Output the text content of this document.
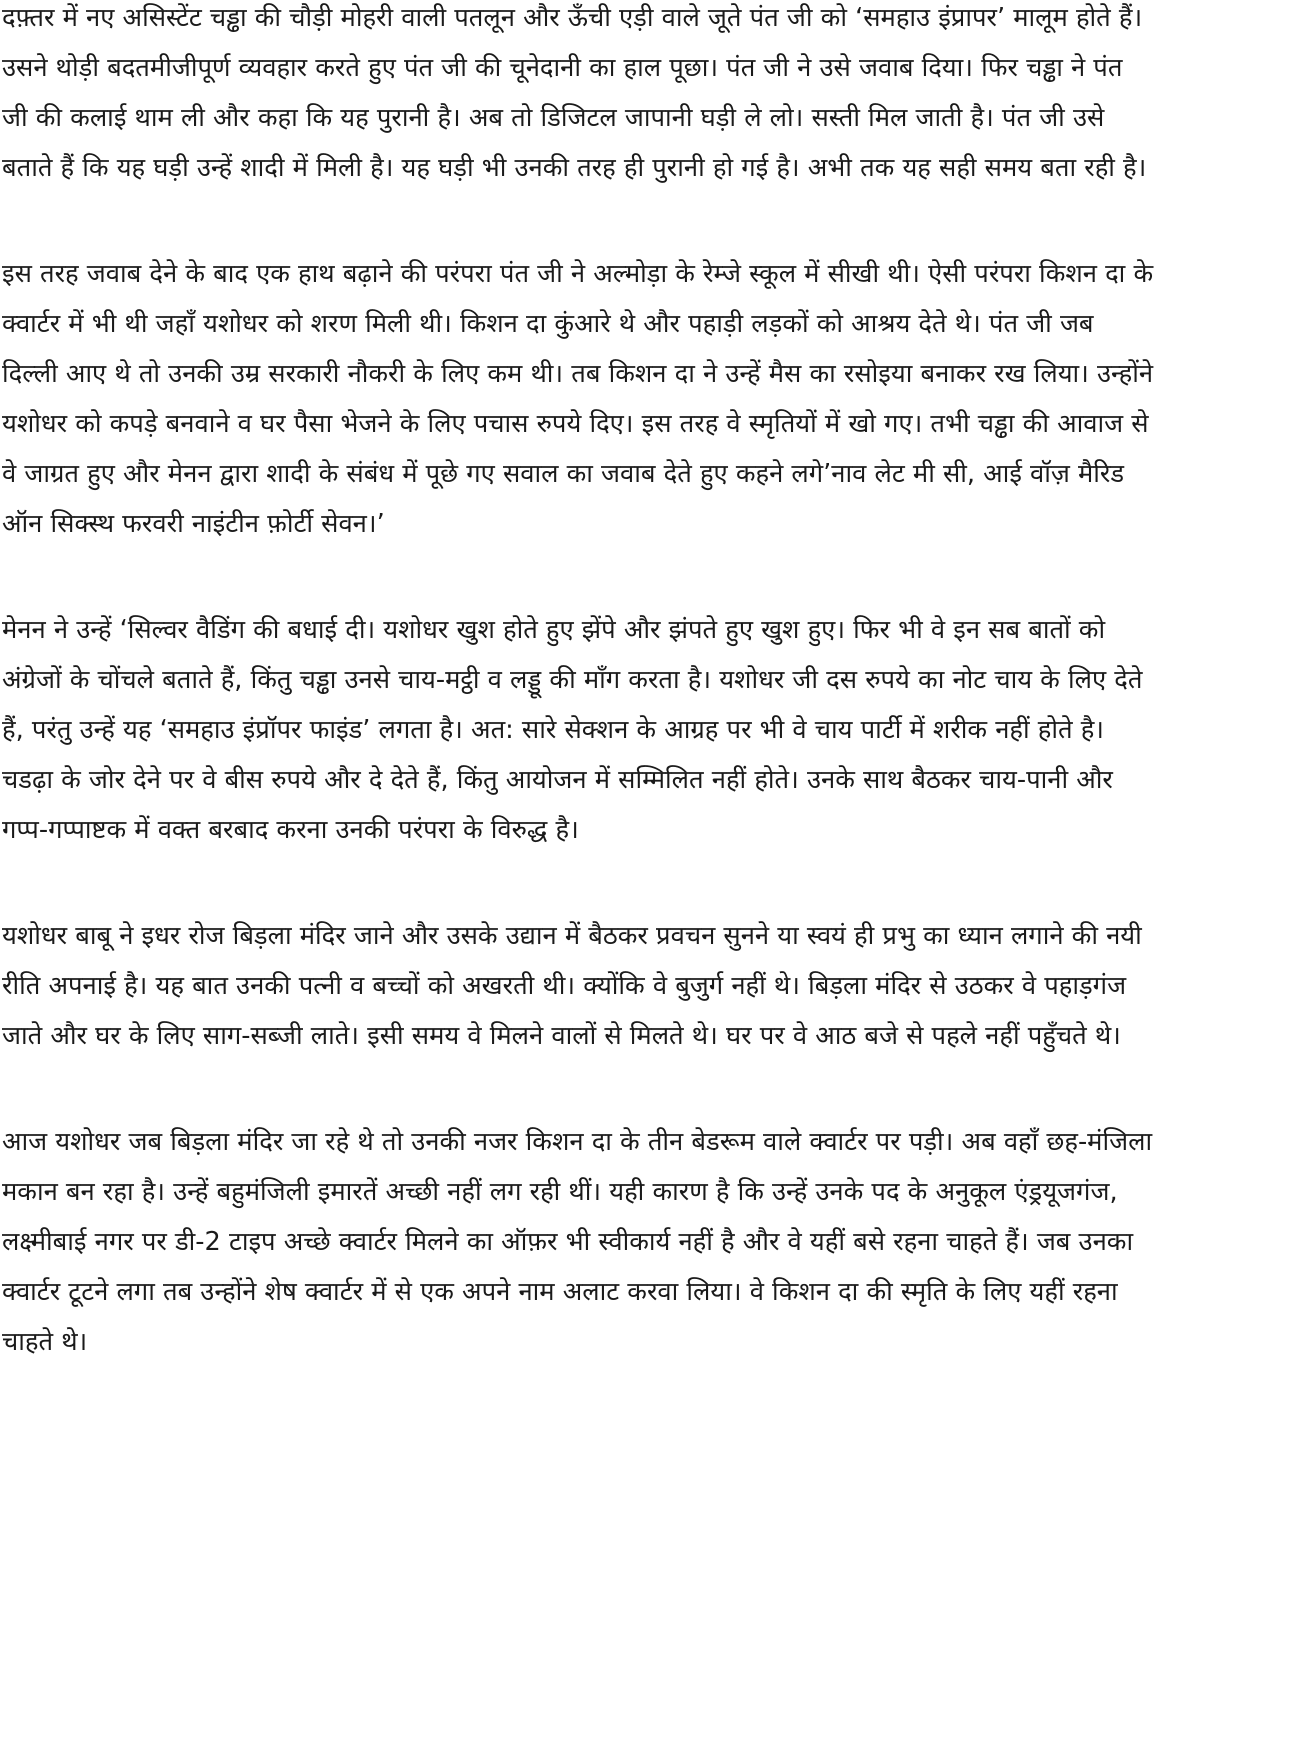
दफ़्तर में नए असिस्टेंट चड्ढा की चौड़ी मोहरी वाली पतलून और ऊँची एड़ी वाले जूते पंत जी को ‘समहाउ इंप्रापर’ मालूम होते हैं। उसने थोड़ी बदतमीजीपूर्ण व्यवहार करते हुए पंत जी की चूनेदानी का हाल पूछा। पंत जी ने उसे जवाब दिया। फिर चड्ढा ने पंत जी की कलाई थाम ली और कहा कि यह पुरानी है। अब तो डिजिटल जापानी घड़ी ले लो। सस्ती मिल जाती है। पंत जी उसे बताते हैं कि यह घड़ी उन्हें शादी में मिली है। यह घड़ी भी उनकी तरह ही पुरानी हो गई है। अभी तक यह सही समय बता रही है।

इस तरह जवाब देने के बाद एक हाथ बढ़ाने की परंपरा पंत जी ने अल्मोड़ा के रेम्जे स्कूल में सीखी थी। ऐसी परंपरा किशन दा के क्वार्टर में भी थी जहाँ यशोधर को शरण मिली थी। किशन दा कुंआरे थे और पहाड़ी लड़कों को आश्रय देते थे। पंत जी जब दिल्ली आए थे तो उनकी उम्र सरकारी नौकरी के लिए कम थी। तब किशन दा ने उन्हें मैस का रसोइया बनाकर रख लिया। उन्होंने यशोधर को कपड़े बनवाने व घर पैसा भेजने के लिए पचास रुपये दिए। इस तरह वे स्मृतियों में खो गए। तभी चड्ढा की आवाज से वे जाग्रत हुए और मेनन द्वारा शादी के संबंध में पूछे गए सवाल का जवाब देते हुए कहने लगे’नाव लेट मी सी, आई वॉज़ मैरिड ऑन सिक्स्थ फरवरी नाइंटीन फ़ोर्टी सेवन।’

मेनन ने उन्हें ‘सिल्वर वैडिंग की बधाई दी। यशोधर खुश होते हुए झेंपे और झंपते हुए खुश हुए। फिर भी वे इन सब बातों को अंग्रेजों के चोंचले बताते हैं, किंतु चड्ढा उनसे चाय-मट्ठी व लड्डू की माँग करता है। यशोधर जी दस रुपये का नोट चाय के लिए देते हैं, परंतु उन्हें यह ‘समहाउ इंप्रॉपर फाइंड’ लगता है। अत: सारे सेक्शन के आग्रह पर भी वे चाय पार्टी में शरीक नहीं होते है। चडढ़ा के जोर देने पर वे बीस रुपये और दे देते हैं, किंतु आयोजन में सम्मिलित नहीं होते। उनके साथ बैठकर चाय-पानी और गप्प-गप्पाष्टक में वक्त बरबाद करना उनकी परंपरा के विरुद्ध है।

यशोधर बाबू ने इधर रोज बिड़ला मंदिर जाने और उसके उद्यान में बैठकर प्रवचन सुनने या स्वयं ही प्रभु का ध्यान लगाने की नयी रीति अपनाई है। यह बात उनकी पत्नी व बच्चों को अखरती थी। क्योंकि वे बुजुर्ग नहीं थे। बिड़ला मंदिर से उठकर वे पहाड़गंज जाते और घर के लिए साग-सब्जी लाते। इसी समय वे मिलने वालों से मिलते थे। घर पर वे आठ बजे से पहले नहीं पहुँचते थे।

आज यशोधर जब बिड़ला मंदिर जा रहे थे तो उनकी नजर किशन दा के तीन बेडरूम वाले क्वार्टर पर पड़ी। अब वहाँ छह-मंजिला मकान बन रहा है। उन्हें बहुमंजिली इमारतें अच्छी नहीं लग रही थीं। यही कारण है कि उन्हें उनके पद के अनुकूल एंड्रयूजगंज, लक्ष्मीबाई नगर पर डी-2 टाइप अच्छे क्वार्टर मिलने का ऑफ़र भी स्वीकार्य नहीं है और वे यहीं बसे रहना चाहते हैं। जब उनका क्वार्टर टूटने लगा तब उन्होंने शेष क्वार्टर में से एक अपने नाम अलाट करवा लिया। वे किशन दा की स्मृति के लिए यहीं रहना चाहते थे।
